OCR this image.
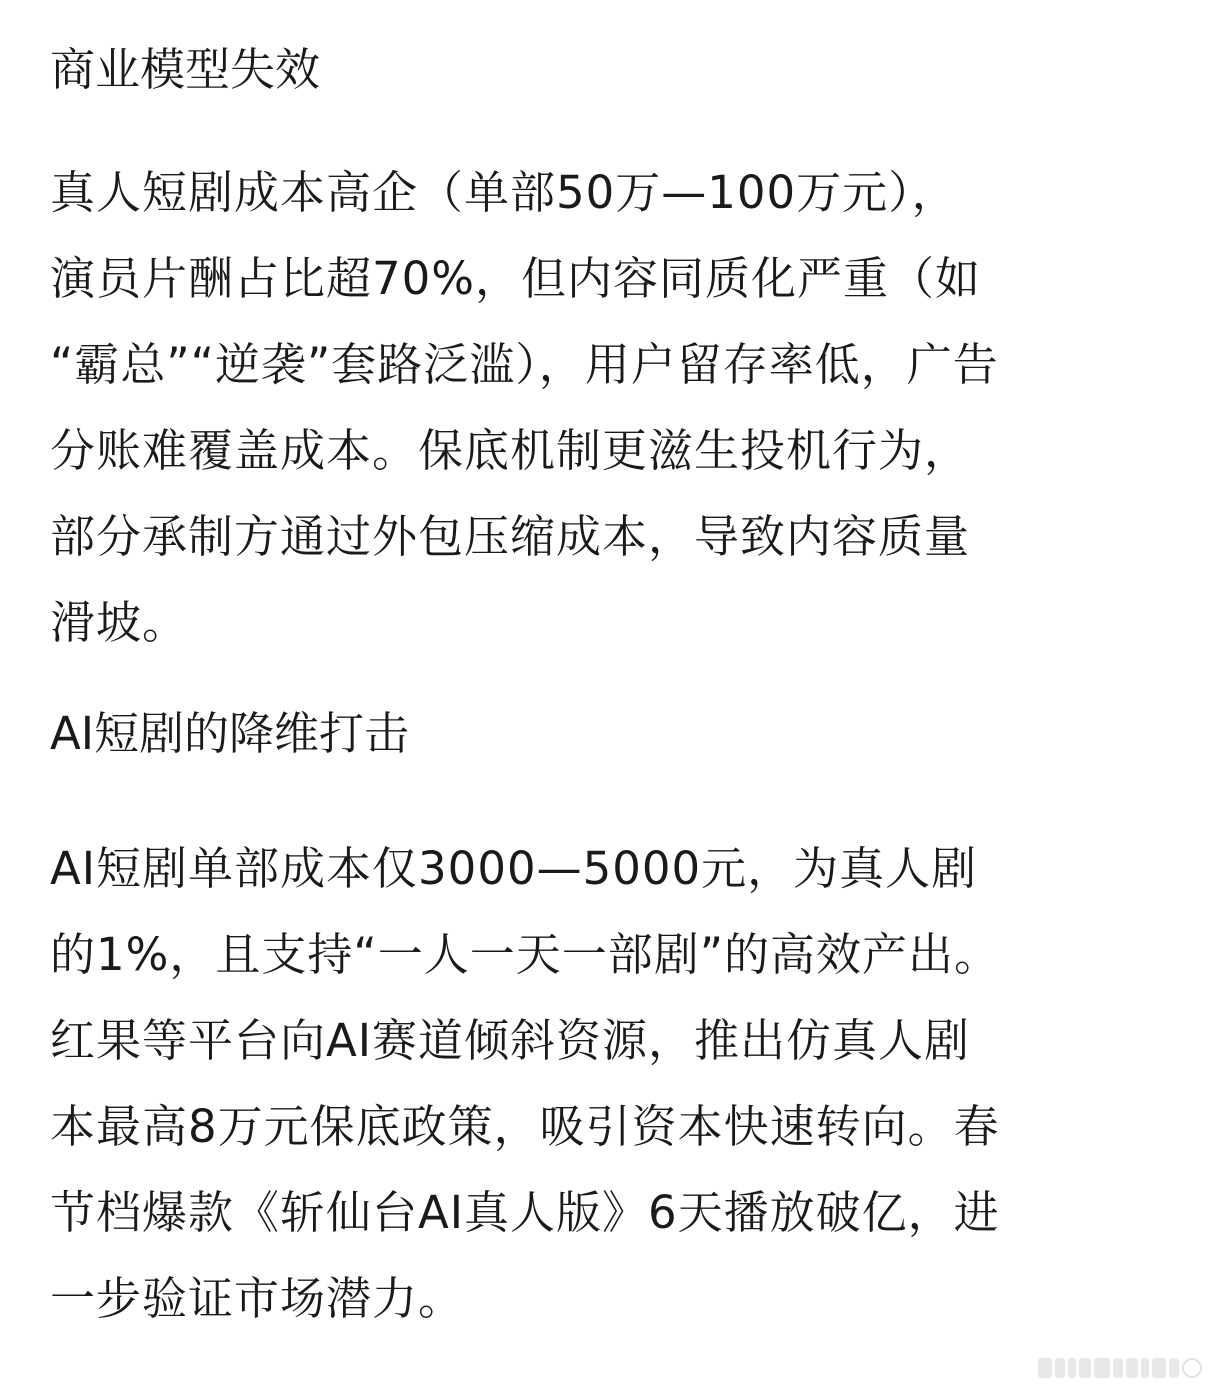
商业模型失效

真人短剧成本高企（单部50万—100万元），
演员片酬占比超70%，但内容同质化严重（如
“霸总”“逆袭”套路泛滥），用户留存率低，广告
分账难覆盖成本。保底机制更滋生投机行为，
部分承制方通过外包压缩成本，导致内容质量
滑坡。

AI短剧的降维打击

AI短剧单部成本仅3000—5000元，为真人剧
的1%，且支持“一人一天一部剧”的高效产出。
红果等平台向AI赛道倾斜资源，推出仿真人剧
本最高8万元保底政策，吸引资本快速转向。春
节档爆款《斩仙台AI真人版》6天播放破亿，进
一步验证市场潜力。
